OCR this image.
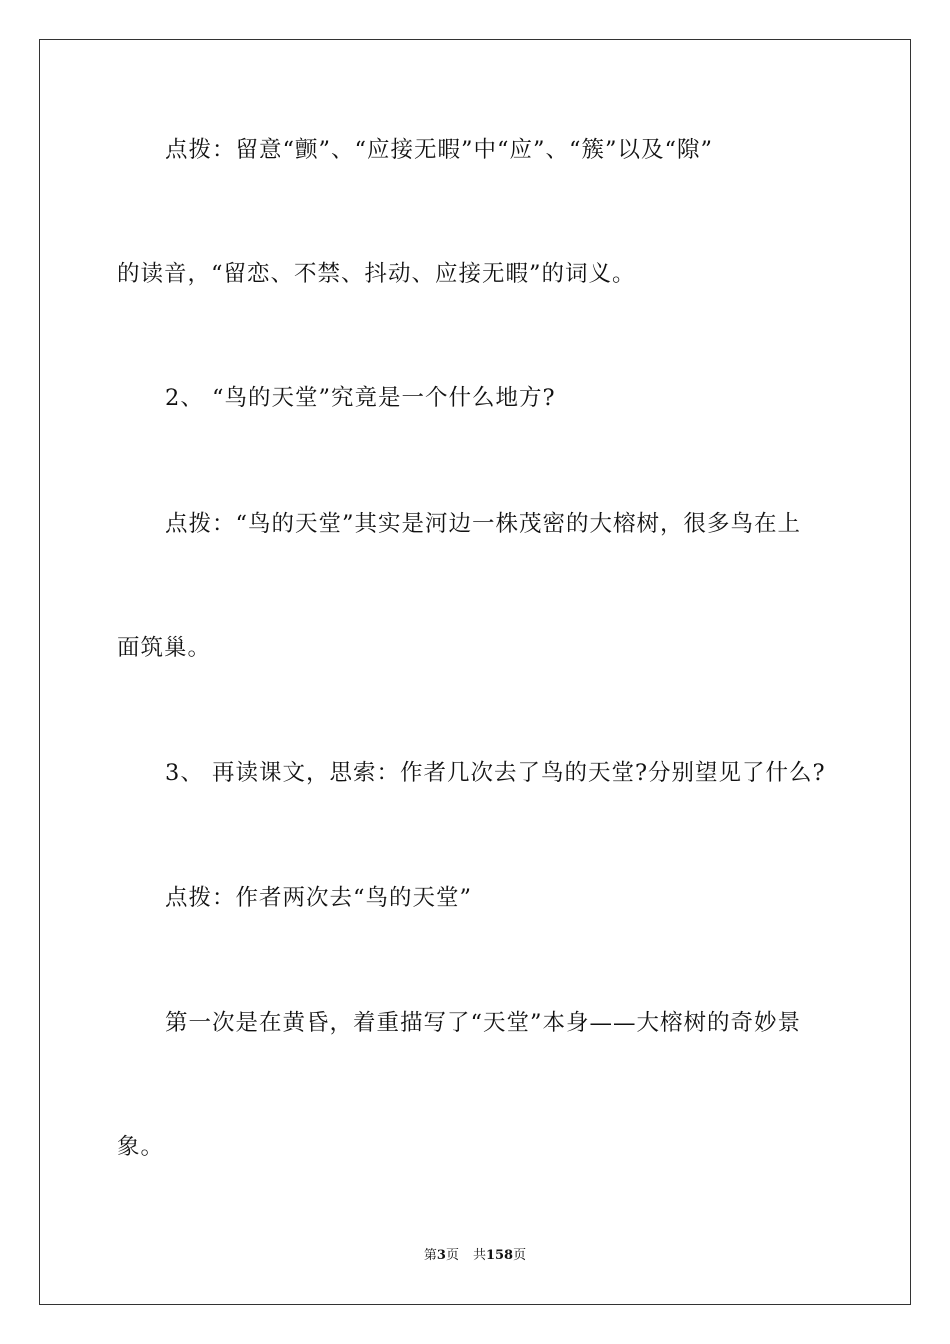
点拨：留意“颤”、“应接无暇”中“应”、“簇”以及“隙”
的读音，“留恋、不禁、抖动、应接无暇”的词义。
2、 “鸟的天堂”究竟是一个什么地方?
点拨：“鸟的天堂”其实是河边一株茂密的大榕树，很多鸟在上
面筑巢。
3、 再读课文，思索：作者几次去了鸟的天堂?分别望见了什么?
点拨：作者两次去“鸟的天堂”
第一次是在黄昏，着重描写了“天堂”本身——大榕树的奇妙景
象。
第3页 共158页
